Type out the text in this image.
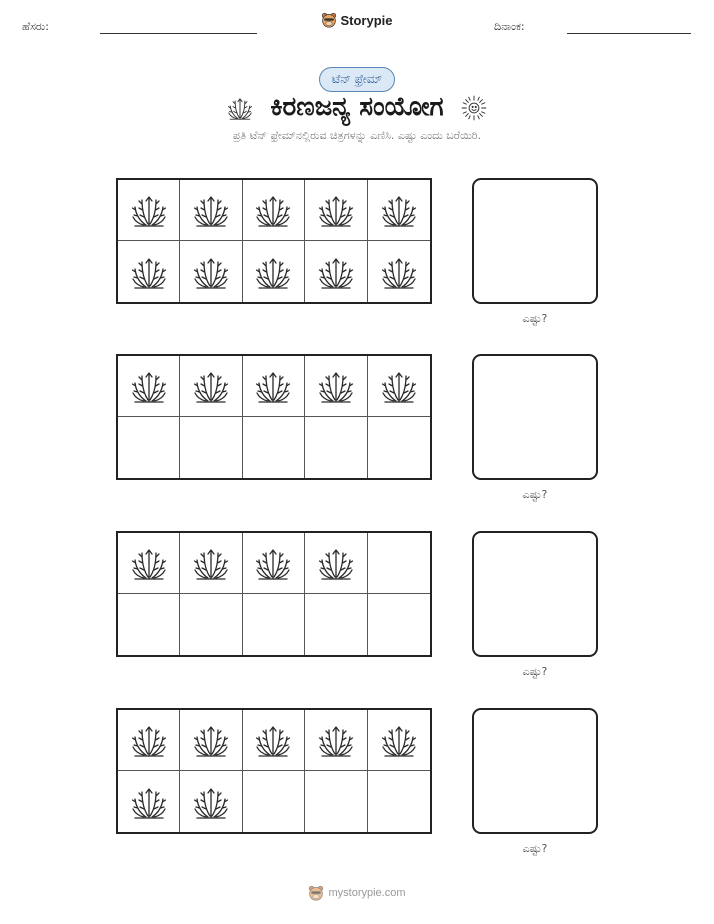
ಹೆಸರು:	Storypie	ದಿನಾಂಕ:
ಟೆನ್ ಫ್ರೇಮ್
ಕಿರಣಜನ್ಯ ಸಂಯೋಗ
ಪ್ರತಿ ಟೆನ್ ಫ್ರೇಮ್‌ನಲ್ಲಿರುವ ಚಿತ್ರಗಳನ್ನು ಎಣಿಸಿ. ಎಷ್ಟು ಎಂದು ಬರೆಯಿರಿ.
ಎಷ್ಟು?
ಎಷ್ಟು?
ಎಷ್ಟು?
ಎಷ್ಟು?
mystorypie.com
